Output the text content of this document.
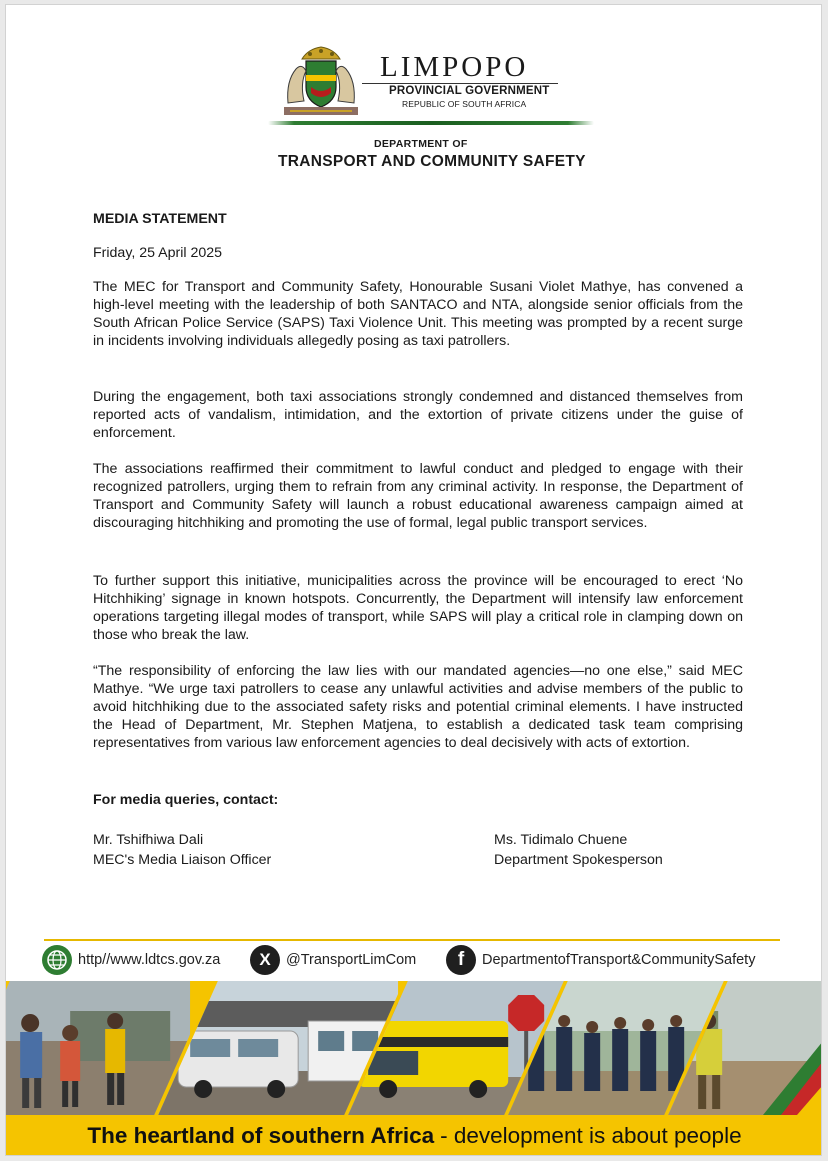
LIMPOPO
PROVINCIAL GOVERNMENT
REPUBLIC OF SOUTH AFRICA
DEPARTMENT OF
TRANSPORT AND COMMUNITY SAFETY
MEDIA STATEMENT
Friday, 25 April 2025

The MEC for Transport and Community Safety, Honourable Susani Violet Mathye, has convened a high-level meeting with the leadership of both SANTACO and NTA, alongside senior officials from the South African Police Service (SAPS) Taxi Violence Unit. This meeting was prompted by a recent surge in incidents involving individuals allegedly posing as taxi patrollers.

During the engagement, both taxi associations strongly condemned and distanced themselves from reported acts of vandalism, intimidation, and the extortion of private citizens under the guise of enforcement.

The associations reaffirmed their commitment to lawful conduct and pledged to engage with their recognized patrollers, urging them to refrain from any criminal activity. In response, the Department of Transport and Community Safety will launch a robust educational awareness campaign aimed at discouraging hitchhiking and promoting the use of formal, legal public transport services.

To further support this initiative, municipalities across the province will be encouraged to erect ‘No Hitchhiking’ signage in known hotspots. Concurrently, the Department will intensify law enforcement operations targeting illegal modes of transport, while SAPS will play a critical role in clamping down on those who break the law.

“The responsibility of enforcing the law lies with our mandated agencies—no one else,” said MEC Mathye. “We urge taxi patrollers to cease any unlawful activities and advise members of the public to avoid hitchhiking due to the associated safety risks and potential criminal elements. I have instructed the Head of Department, Mr. Stephen Matjena, to establish a dedicated task team comprising representatives from various law enforcement agencies to deal decisively with acts of extortion.

For media queries, contact:
Mr. Tshifhiwa Dali
MEC's Media Liaison Officer
Ms. Tidimalo Chuene
Department Spokesperson
http//www.ldtcs.gov.za	X	@TransportLimCom	f	DepartmentofTransport&CommunitySafety
The heartland of southern Africa - development is about people
